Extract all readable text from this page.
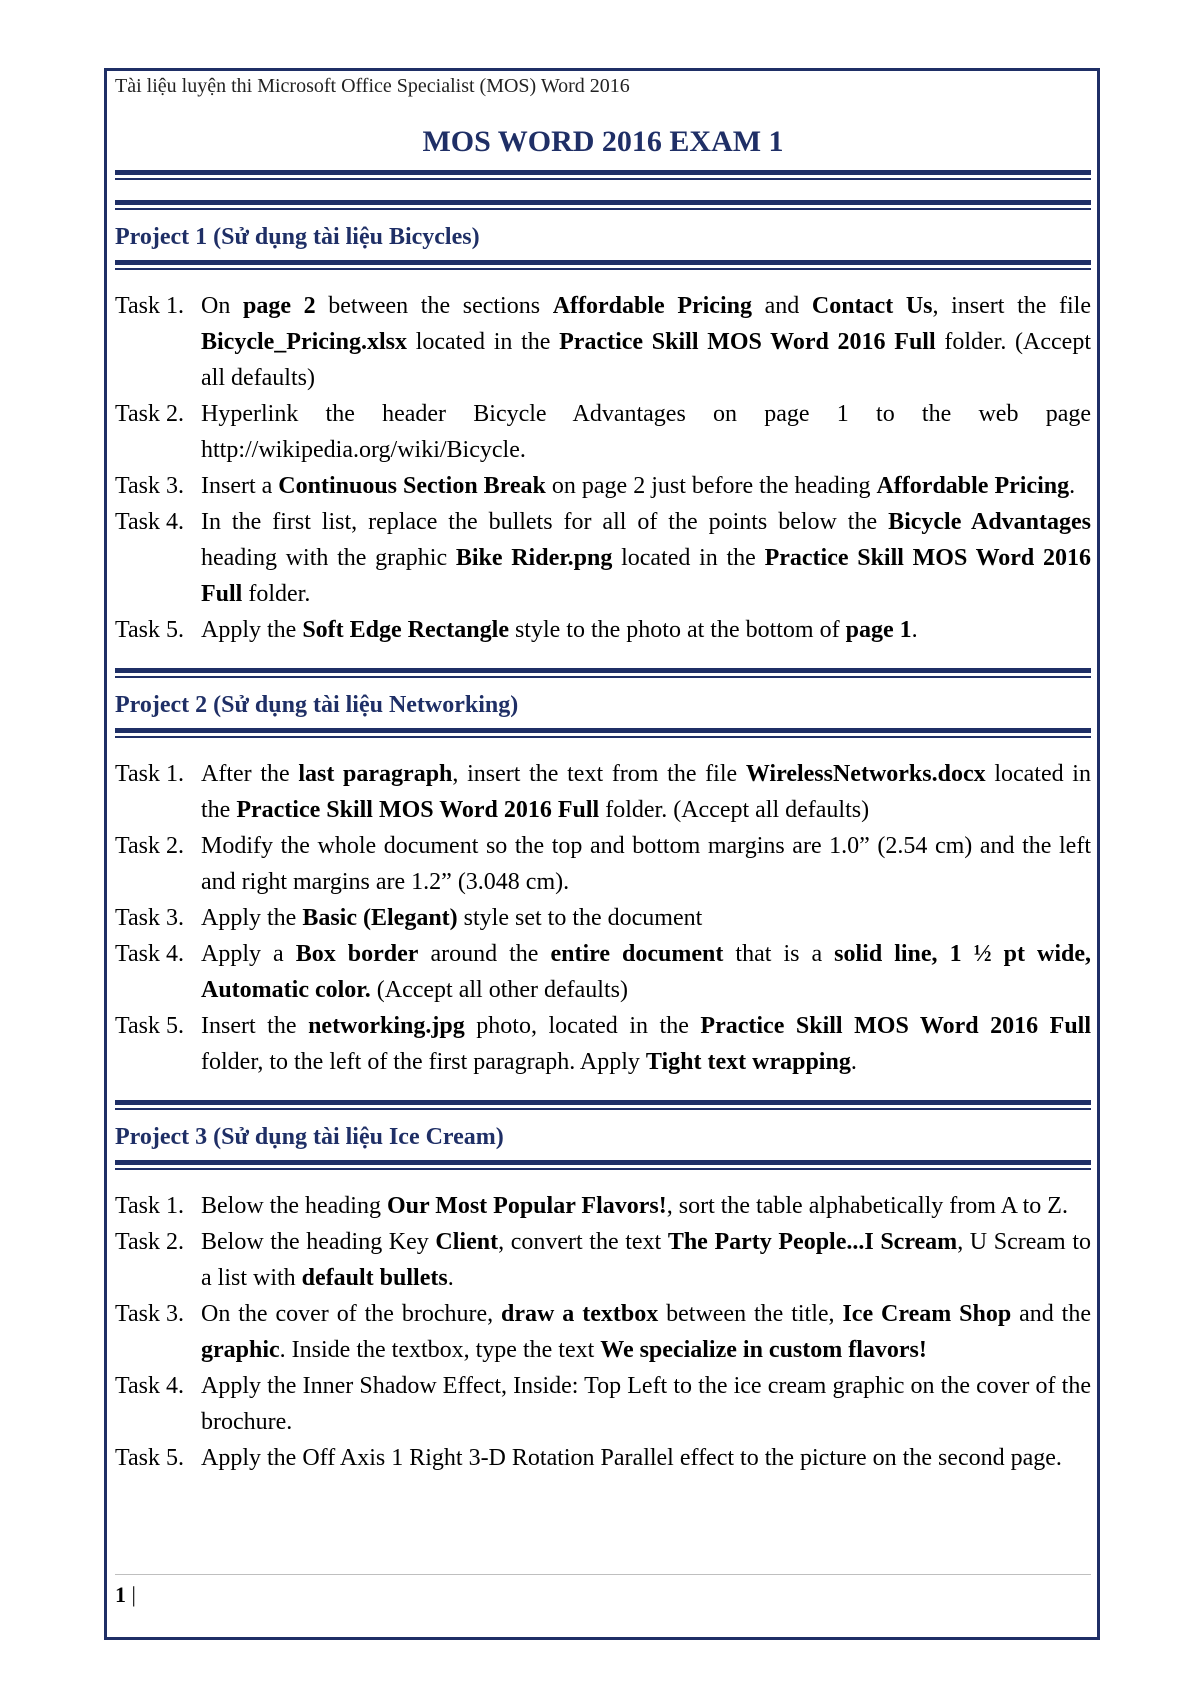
Tài liệu luyện thi Microsoft Office Specialist (MOS) Word 2016
MOS WORD 2016 EXAM 1
Project 1 (Sử dụng tài liệu Bicycles)
Task 1. On page 2 between the sections Affordable Pricing and Contact Us, insert the file Bicycle_Pricing.xlsx located in the Practice Skill MOS Word 2016 Full folder. (Accept all defaults)
Task 2. Hyperlink the header Bicycle Advantages on page 1 to the web page http://wikipedia.org/wiki/Bicycle.
Task 3. Insert a Continuous Section Break on page 2 just before the heading Affordable Pricing.
Task 4. In the first list, replace the bullets for all of the points below the Bicycle Advantages heading with the graphic Bike Rider.png located in the Practice Skill MOS Word 2016 Full folder.
Task 5. Apply the Soft Edge Rectangle style to the photo at the bottom of page 1.
Project 2 (Sử dụng tài liệu Networking)
Task 1. After the last paragraph, insert the text from the file WirelessNetworks.docx located in the Practice Skill MOS Word 2016 Full folder. (Accept all defaults)
Task 2. Modify the whole document so the top and bottom margins are 1.0” (2.54 cm) and the left and right margins are 1.2” (3.048 cm).
Task 3. Apply the Basic (Elegant) style set to the document
Task 4. Apply a Box border around the entire document that is a solid line, 1 ½ pt wide, Automatic color. (Accept all other defaults)
Task 5. Insert the networking.jpg photo, located in the Practice Skill MOS Word 2016 Full folder, to the left of the first paragraph. Apply Tight text wrapping.
Project 3 (Sử dụng tài liệu Ice Cream)
Task 1. Below the heading Our Most Popular Flavors!, sort the table alphabetically from A to Z.
Task 2. Below the heading Key Client, convert the text The Party People...I Scream, U Scream to a list with default bullets.
Task 3. On the cover of the brochure, draw a textbox between the title, Ice Cream Shop and the graphic. Inside the textbox, type the text We specialize in custom flavors!
Task 4. Apply the Inner Shadow Effect, Inside: Top Left to the ice cream graphic on the cover of the brochure.
Task 5. Apply the Off Axis 1 Right 3-D Rotation Parallel effect to the picture on the second page.
1 |
